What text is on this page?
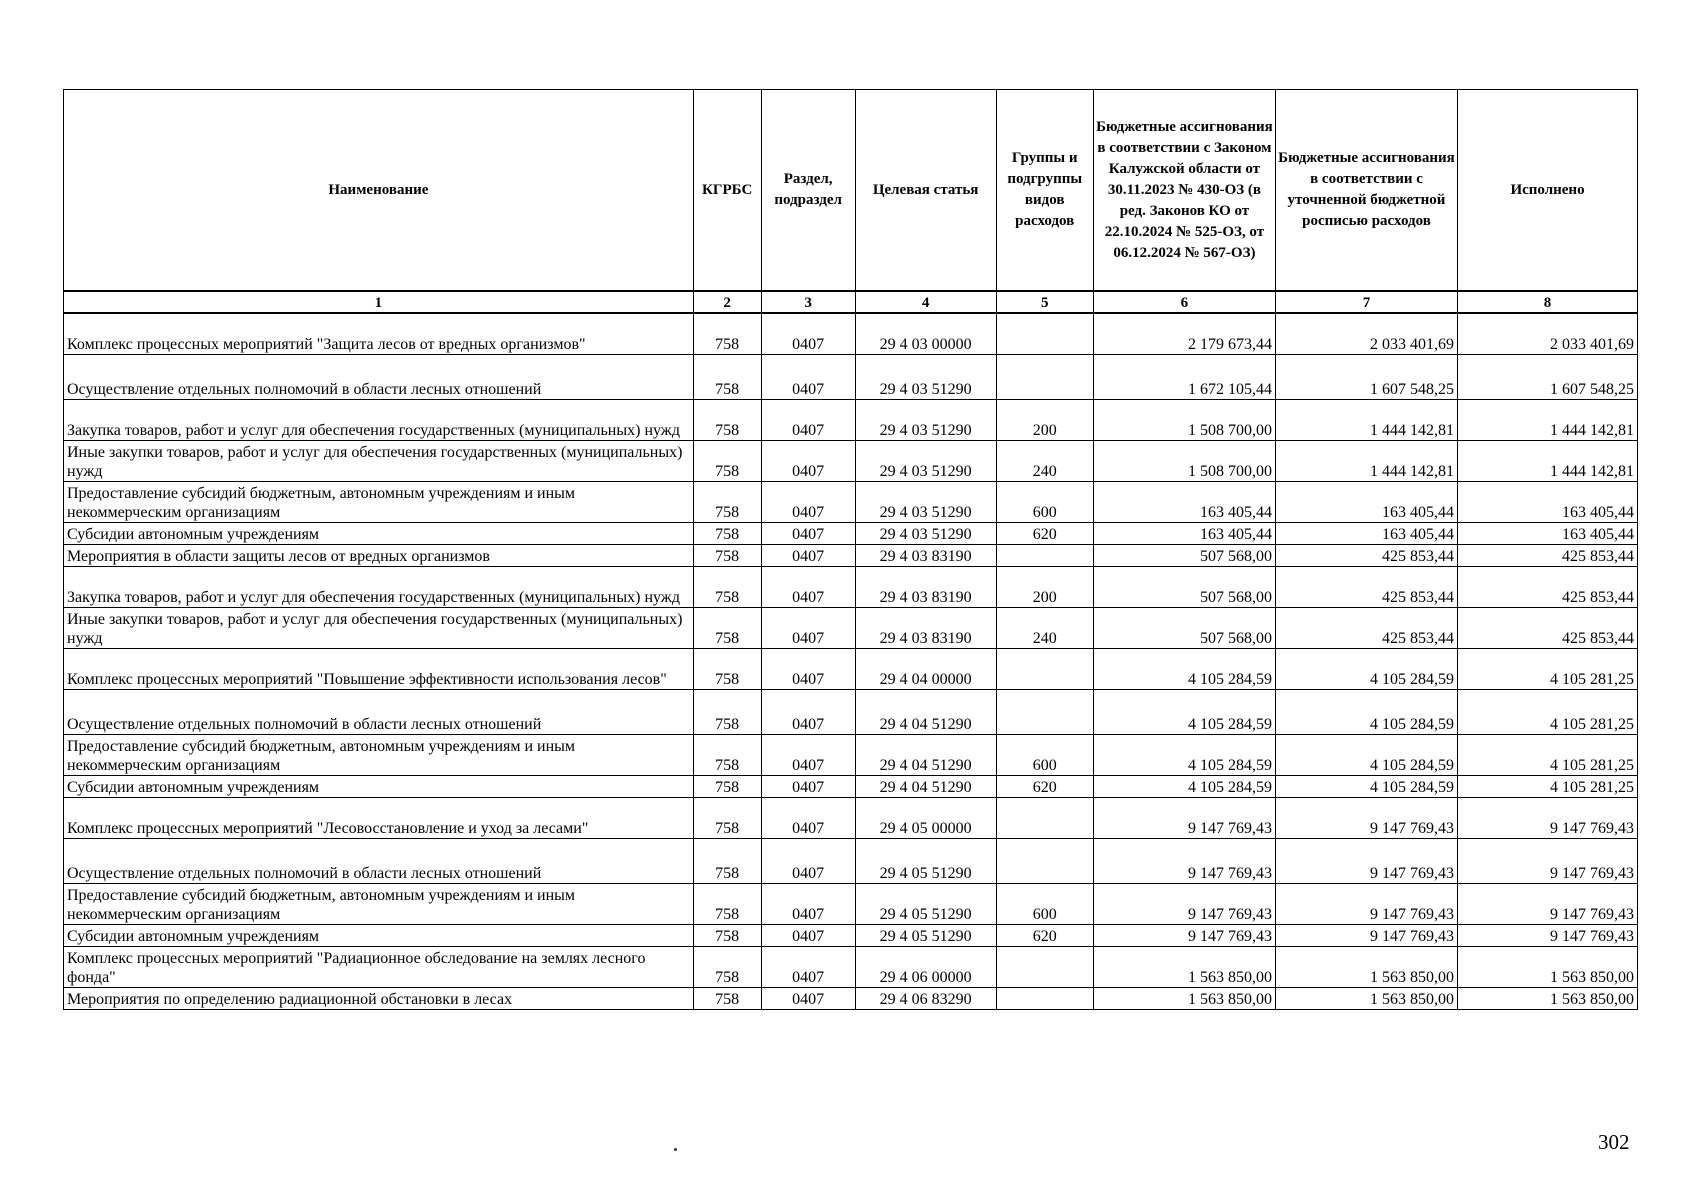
Наименование	КГРБС	Раздел, подраздел	Целевая статья	Группы и подгруппы видов расходов	Бюджетные ассигнования в соответствии с Законом Калужской области от 30.11.2023 № 430-ОЗ (в ред. Законов КО от 22.10.2024 № 525-ОЗ, от 06.12.2024 № 567-ОЗ)	Бюджетные ассигнования в соответствии с уточненной бюджетной росписью расходов	Исполнено
1	2	3	4	5	6	7	8
Комплекс процессных мероприятий "Защита лесов от вредных организмов"	758	0407	29 4 03 00000		2 179 673,44	2 033 401,69	2 033 401,69
Осуществление отдельных полномочий в области лесных отношений	758	0407	29 4 03 51290		1 672 105,44	1 607 548,25	1 607 548,25
Закупка товаров, работ и услуг для обеспечения государственных (муниципальных) нужд	758	0407	29 4 03 51290	200	1 508 700,00	1 444 142,81	1 444 142,81
Иные закупки товаров, работ и услуг для обеспечения государственных (муниципальных) нужд	758	0407	29 4 03 51290	240	1 508 700,00	1 444 142,81	1 444 142,81
Предоставление субсидий бюджетным, автономным учреждениям и иным некоммерческим организациям	758	0407	29 4 03 51290	600	163 405,44	163 405,44	163 405,44
Субсидии автономным учреждениям	758	0407	29 4 03 51290	620	163 405,44	163 405,44	163 405,44
Мероприятия в области защиты лесов от вредных организмов	758	0407	29 4 03 83190		507 568,00	425 853,44	425 853,44
Закупка товаров, работ и услуг для обеспечения государственных (муниципальных) нужд	758	0407	29 4 03 83190	200	507 568,00	425 853,44	425 853,44
Иные закупки товаров, работ и услуг для обеспечения государственных (муниципальных) нужд	758	0407	29 4 03 83190	240	507 568,00	425 853,44	425 853,44
Комплекс процессных мероприятий "Повышение эффективности использования лесов"	758	0407	29 4 04 00000		4 105 284,59	4 105 284,59	4 105 281,25
Осуществление отдельных полномочий в области лесных отношений	758	0407	29 4 04 51290		4 105 284,59	4 105 284,59	4 105 281,25
Предоставление субсидий бюджетным, автономным учреждениям и иным некоммерческим организациям	758	0407	29 4 04 51290	600	4 105 284,59	4 105 284,59	4 105 281,25
Субсидии автономным учреждениям	758	0407	29 4 04 51290	620	4 105 284,59	4 105 284,59	4 105 281,25
Комплекс процессных мероприятий "Лесовосстановление и уход за лесами"	758	0407	29 4 05 00000		9 147 769,43	9 147 769,43	9 147 769,43
Осуществление отдельных полномочий в области лесных отношений	758	0407	29 4 05 51290		9 147 769,43	9 147 769,43	9 147 769,43
Предоставление субсидий бюджетным, автономным учреждениям и иным некоммерческим организациям	758	0407	29 4 05 51290	600	9 147 769,43	9 147 769,43	9 147 769,43
Субсидии автономным учреждениям	758	0407	29 4 05 51290	620	9 147 769,43	9 147 769,43	9 147 769,43
Комплекс процессных мероприятий "Радиационное обследование на землях лесного фонда"	758	0407	29 4 06 00000		1 563 850,00	1 563 850,00	1 563 850,00
Мероприятия по определению радиационной обстановки в лесах	758	0407	29 4 06 83290		1 563 850,00	1 563 850,00	1 563 850,00
302
